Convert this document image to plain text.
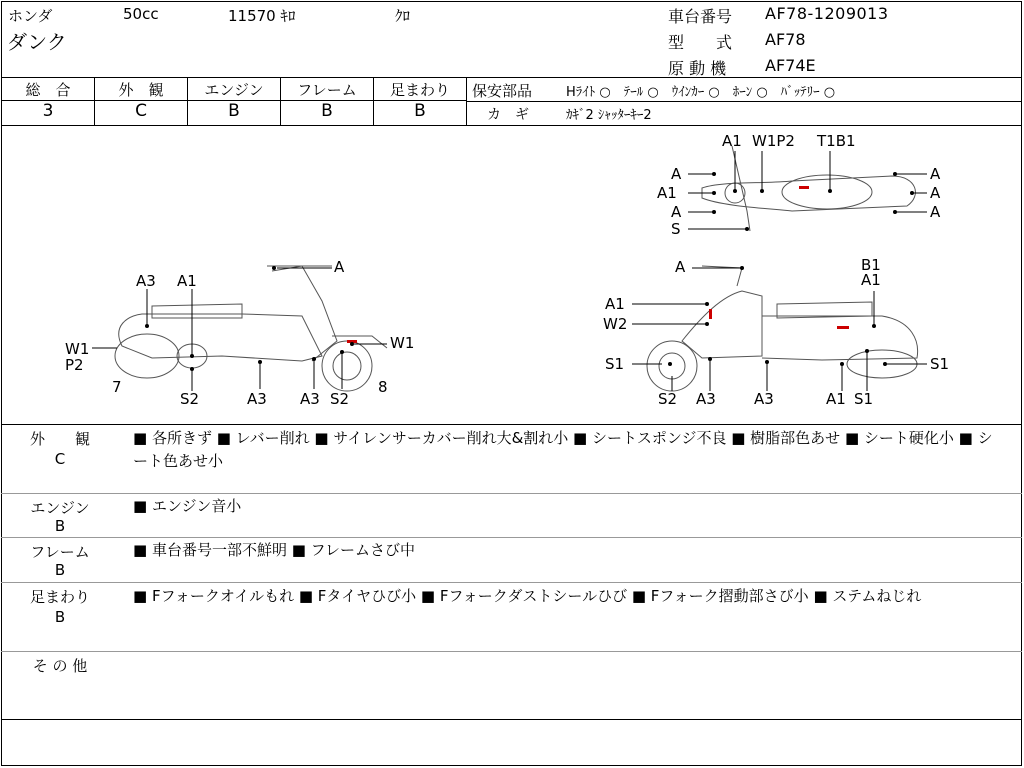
ホンダ	50cc	11570 ｷﾛ	ｸﾛ
ダンク
車台番号 AF78-1209013
型　　式 AF78
原 動 機 AF74E
総　合	外　観	エンジン	フレーム	足まわり
3	C	B	B	B
保安部品	Hﾗｲﾄ ○　ﾃｰﾙ ○　ｳｲﾝｶｰ ○　ﾎｰﾝ ○　ﾊﾞｯﾃﾘｰ ○
カ　ギ	ｶｷﾞ2 ｼｬｯﾀｰｷｰ2
A1 W1P2 T1B1
A
A1
A
S
A
A
A
A3 A1
A
W1
P2
W1
7
S2	A3 A3 S2
8
A	B1
A1
A1
W2
S1	S1
S2 A3	A3	A1 S1
外　　観
C
■ 各所きず ■ レバー削れ ■ サイレンサーカバー削れ大&割れ小 ■ シートスポンジ不良 ■ 樹脂部色あせ ■ シート硬化小 ■ シート色あせ小
エンジン
B
■ エンジン音小
フレーム
B
■ 車台番号一部不鮮明 ■ フレームさび中
足まわり
B
■ Fフォークオイルもれ ■ Fタイヤひび小 ■ Fフォークダストシールひび ■ Fフォーク摺動部さび小 ■ ステムねじれ
そ の 他
